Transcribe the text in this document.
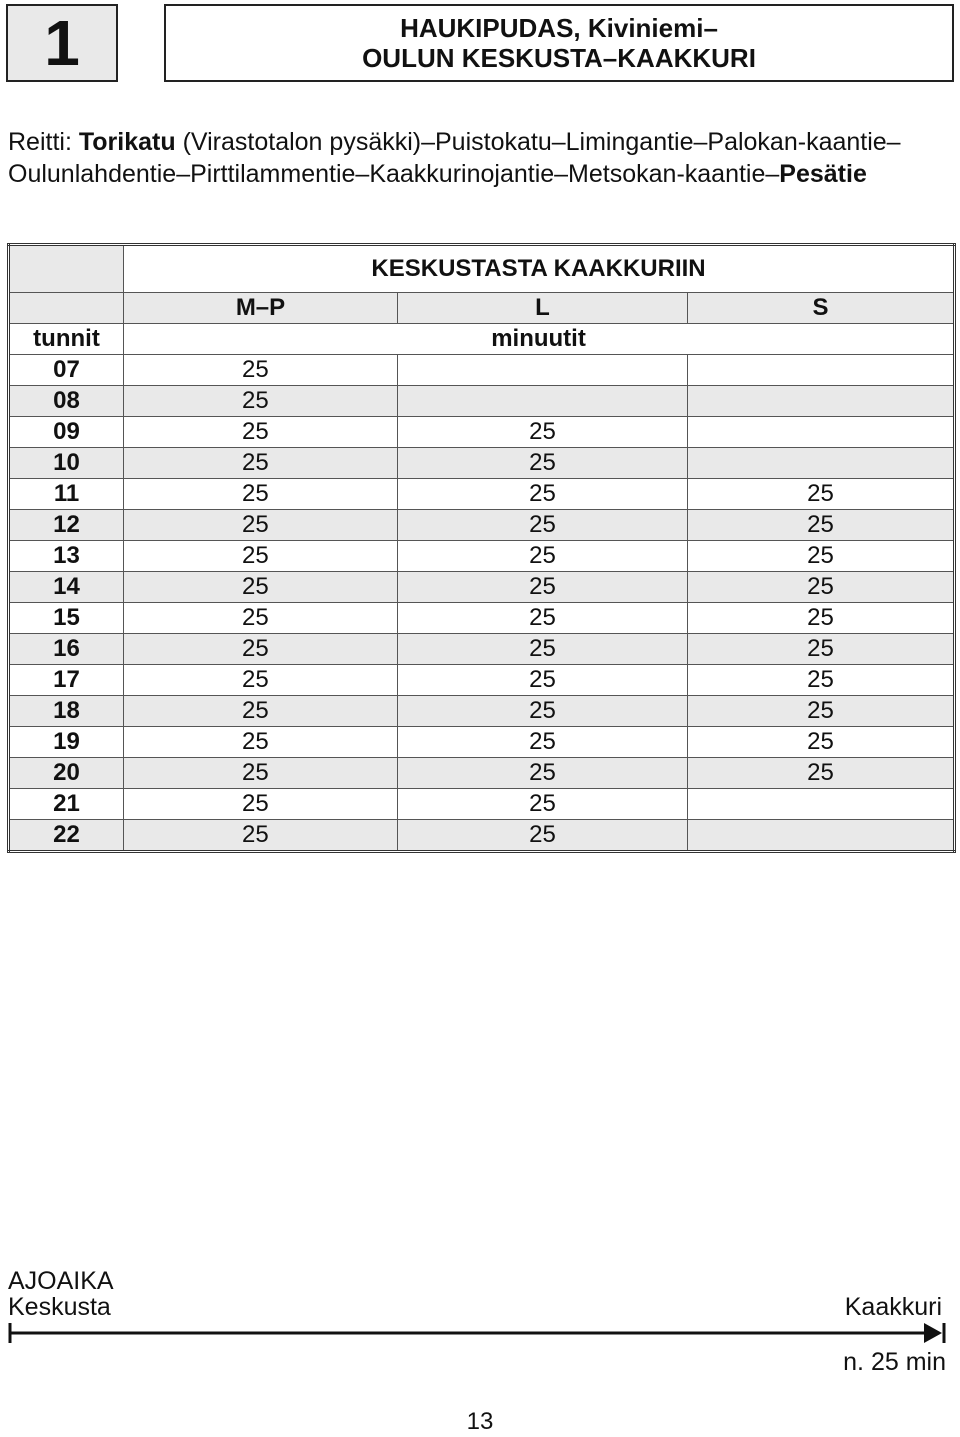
1	HAUKIPUDAS, Kiviniemi–
OULUN KESKUSTA–KAAKKURI
Reitti: Torikatu (Virastotalon pysäkki)–Puistokatu–Limingantie–Palokan-kaantie–Oulunlahdentie–Pirttilammentie–Kaakkurinojantie–Metsokan-kaantie–Pesätie
	KESKUSTASTA KAAKKURIIN		
	M–P	L	S
tunnit	minuutit		
07	25		
08	25		
09	25	25	
10	25	25	
11	25	25	25
12	25	25	25
13	25	25	25
14	25	25	25
15	25	25	25
16	25	25	25
17	25	25	25
18	25	25	25
19	25	25	25
20	25	25	25
21	25	25	
22	25	25	
AJOAIKA
Keskusta	Kaakkuri
n. 25 min
13
